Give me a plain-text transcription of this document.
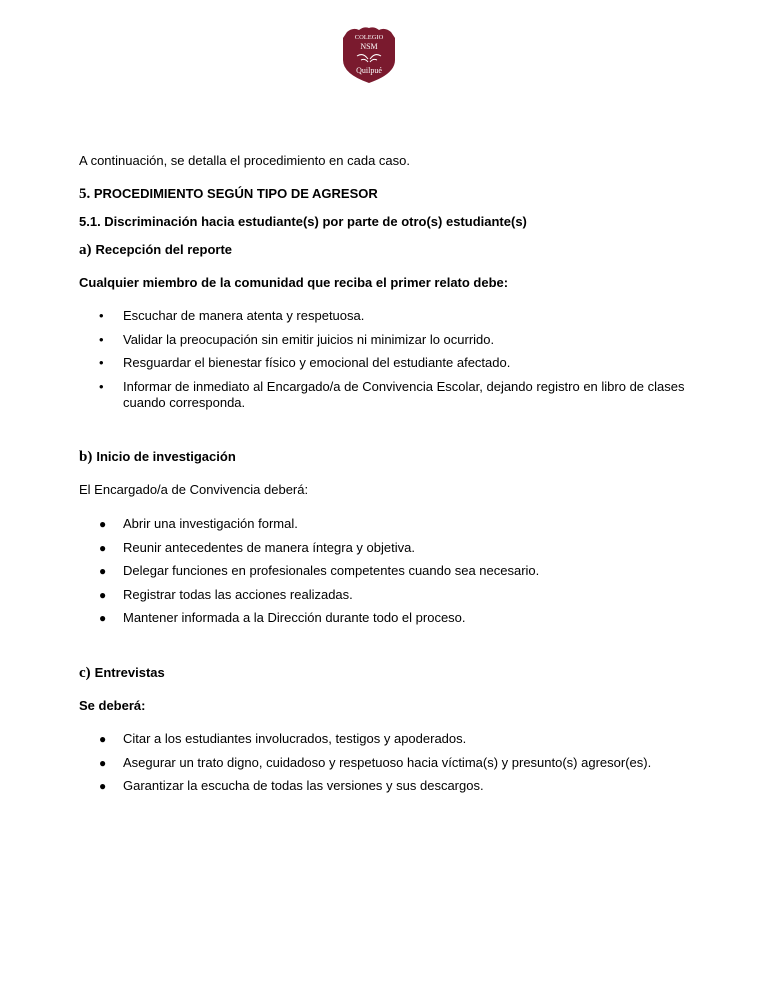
COLEGIO
NSM
Quilpué
A continuación, se detalla el procedimiento en cada caso.
5. PROCEDIMIENTO SEGÚN TIPO DE AGRESOR
5.1. Discriminación hacia estudiante(s) por parte de otro(s) estudiante(s)
a) Recepción del reporte
Cualquier miembro de la comunidad que reciba el primer relato debe:
• Escuchar de manera atenta y respetuosa.
• Validar la preocupación sin emitir juicios ni minimizar lo ocurrido.
• Resguardar el bienestar físico y emocional del estudiante afectado.
• Informar de inmediato al Encargado/a de Convivencia Escolar, dejando registro en libro de clases cuando corresponda.
b) Inicio de investigación
El Encargado/a de Convivencia deberá:
● Abrir una investigación formal.
● Reunir antecedentes de manera íntegra y objetiva.
● Delegar funciones en profesionales competentes cuando sea necesario.
● Registrar todas las acciones realizadas.
● Mantener informada a la Dirección durante todo el proceso.
c) Entrevistas
Se deberá:
● Citar a los estudiantes involucrados, testigos y apoderados.
● Asegurar un trato digno, cuidadoso y respetuoso hacia víctima(s) y presunto(s) agresor(es).
● Garantizar la escucha de todas las versiones y sus descargos.
